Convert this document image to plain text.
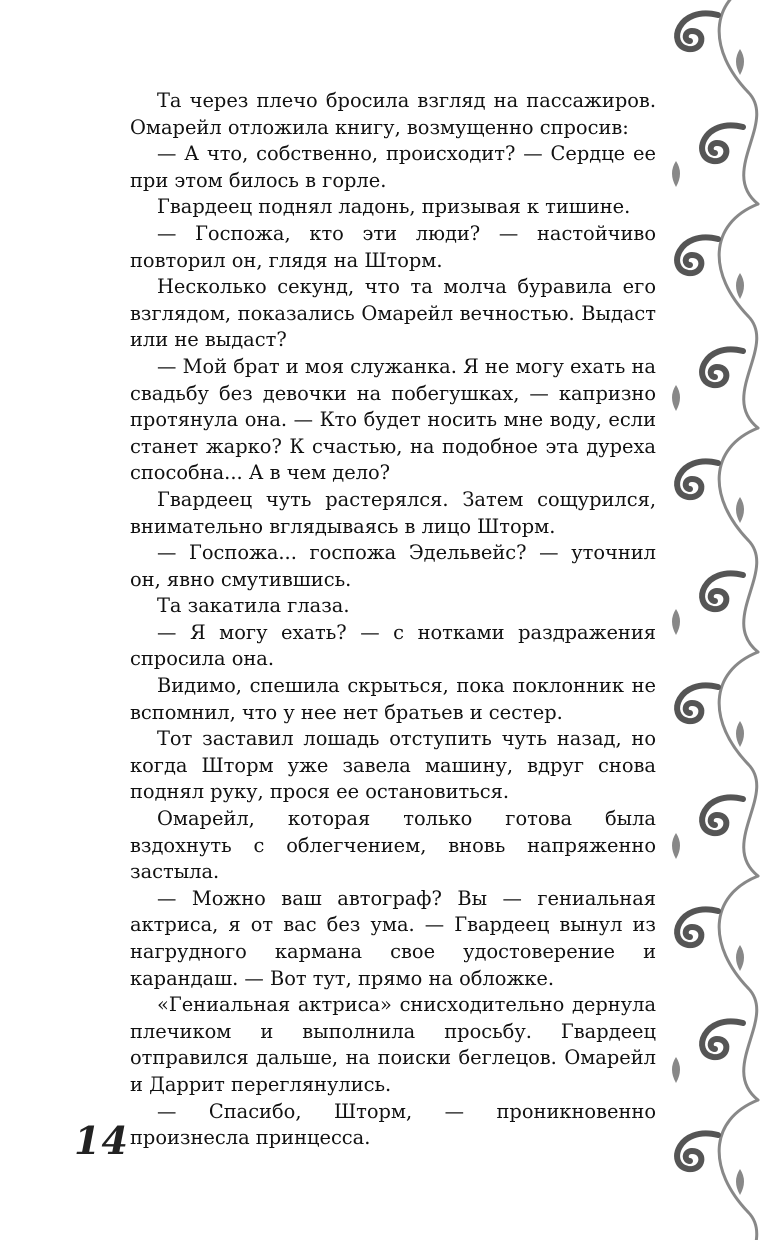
Та через плечо бросила взгляд на пассажиров. Омарейл отложила книгу, возмущенно спросив:

— А что, собственно, происходит? — Сердце ее при этом билось в горле.

Гвардеец поднял ладонь, призывая к тишине.

— Госпожа, кто эти люди? — настойчиво повторил он, глядя на Шторм.

Несколько секунд, что та молча буравила его взглядом, показались Омарейл вечностью. Выдаст или не выдаст?

— Мой брат и моя служанка. Я не могу ехать на свадьбу без девочки на побегушках, — капризно протянула она. — Кто будет носить мне воду, если станет жарко? К счастью, на подобное эта дуреха способна... А в чем дело?

Гвардеец чуть растерялся. Затем сощурился, внимательно вглядываясь в лицо Шторм.

— Госпожа... госпожа Эдельвейс? — уточнил он, явно смутившись.

Та закатила глаза.

— Я могу ехать? — с нотками раздражения спросила она.

Видимо, спешила скрыться, пока поклонник не вспомнил, что у нее нет братьев и сестер.

Тот заставил лошадь отступить чуть назад, но когда Шторм уже завела машину, вдруг снова поднял руку, прося ее остановиться.

Омарейл, которая только готова была вздохнуть с облегчением, вновь напряженно застыла.

— Можно ваш автограф? Вы — гениальная актриса, я от вас без ума. — Гвардеец вынул из нагрудного кармана свое удостоверение и карандаш. — Вот тут, прямо на обложке.

«Гениальная актриса» снисходительно дернула плечиком и выполнила просьбу. Гвардеец отправился дальше, на поиски беглецов. Омарейл и Даррит переглянулись.

— Спасибо, Шторм, — проникновенно произнесла принцесса.

14
